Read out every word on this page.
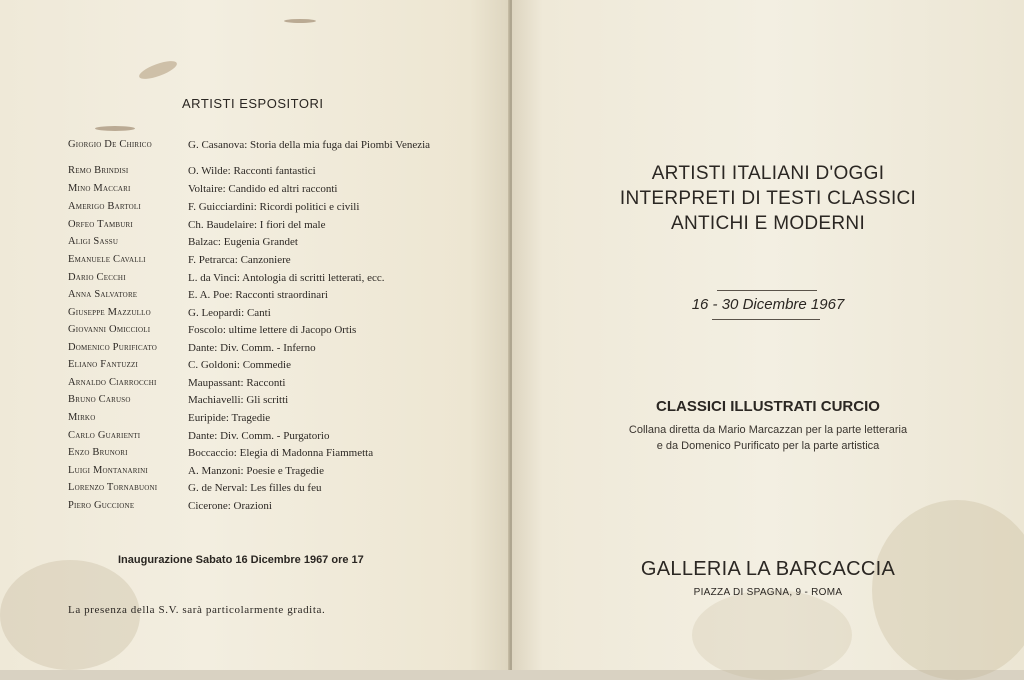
ARTISTI ESPOSITORI
Giorgio De Chirico	G. Casanova: Storia della mia fuga dai Piombi Venezia
Remo Brindisi	O. Wilde: Racconti fantastici
Mino Maccari	Voltaire: Candido ed altri racconti
Amerigo Bartoli	F. Guicciardini: Ricordi politici e civili
Orfeo Tamburi	Ch. Baudelaire: I fiori del male
Aligi Sassu	Balzac: Eugenia Grandet
Emanuele Cavalli	F. Petrarca: Canzoniere
Dario Cecchi	L. da Vinci: Antologia di scritti letterati, ecc.
Anna Salvatore	E. A. Poe: Racconti straordinari
Giuseppe Mazzullo	G. Leopardi: Canti
Giovanni Omiccioli	Foscolo: ultime lettere di Jacopo Ortis
Domenico Purificato	Dante: Div. Comm. - Inferno
Eliano Fantuzzi	C. Goldoni: Commedie
Arnaldo Ciarrocchi	Maupassant: Racconti
Bruno Caruso	Machiavelli: Gli scritti
Mirko	Euripide: Tragedie
Carlo Guarienti	Dante: Div. Comm. - Purgatorio
Enzo Brunori	Boccaccio: Elegia di Madonna Fiammetta
Luigi Montanarini	A. Manzoni: Poesie e Tragedie
Lorenzo Tornabuoni	G. de Nerval: Les filles du feu
Piero Guccione	Cicerone: Orazioni
Inaugurazione Sabato 16 Dicembre 1967 ore 17
La presenza della S.V. sarà particolarmente gradita.
ARTISTI ITALIANI D'OGGI
INTERPRETI DI TESTI CLASSICI
ANTICHI E MODERNI
16 - 30 Dicembre 1967
CLASSICI ILLUSTRATI CURCIO
Collana diretta da Mario Marcazzan per la parte letteraria
e da Domenico Purificato per la parte artistica
GALLERIA LA BARCACCIA
PIAZZA DI SPAGNA, 9 - ROMA
